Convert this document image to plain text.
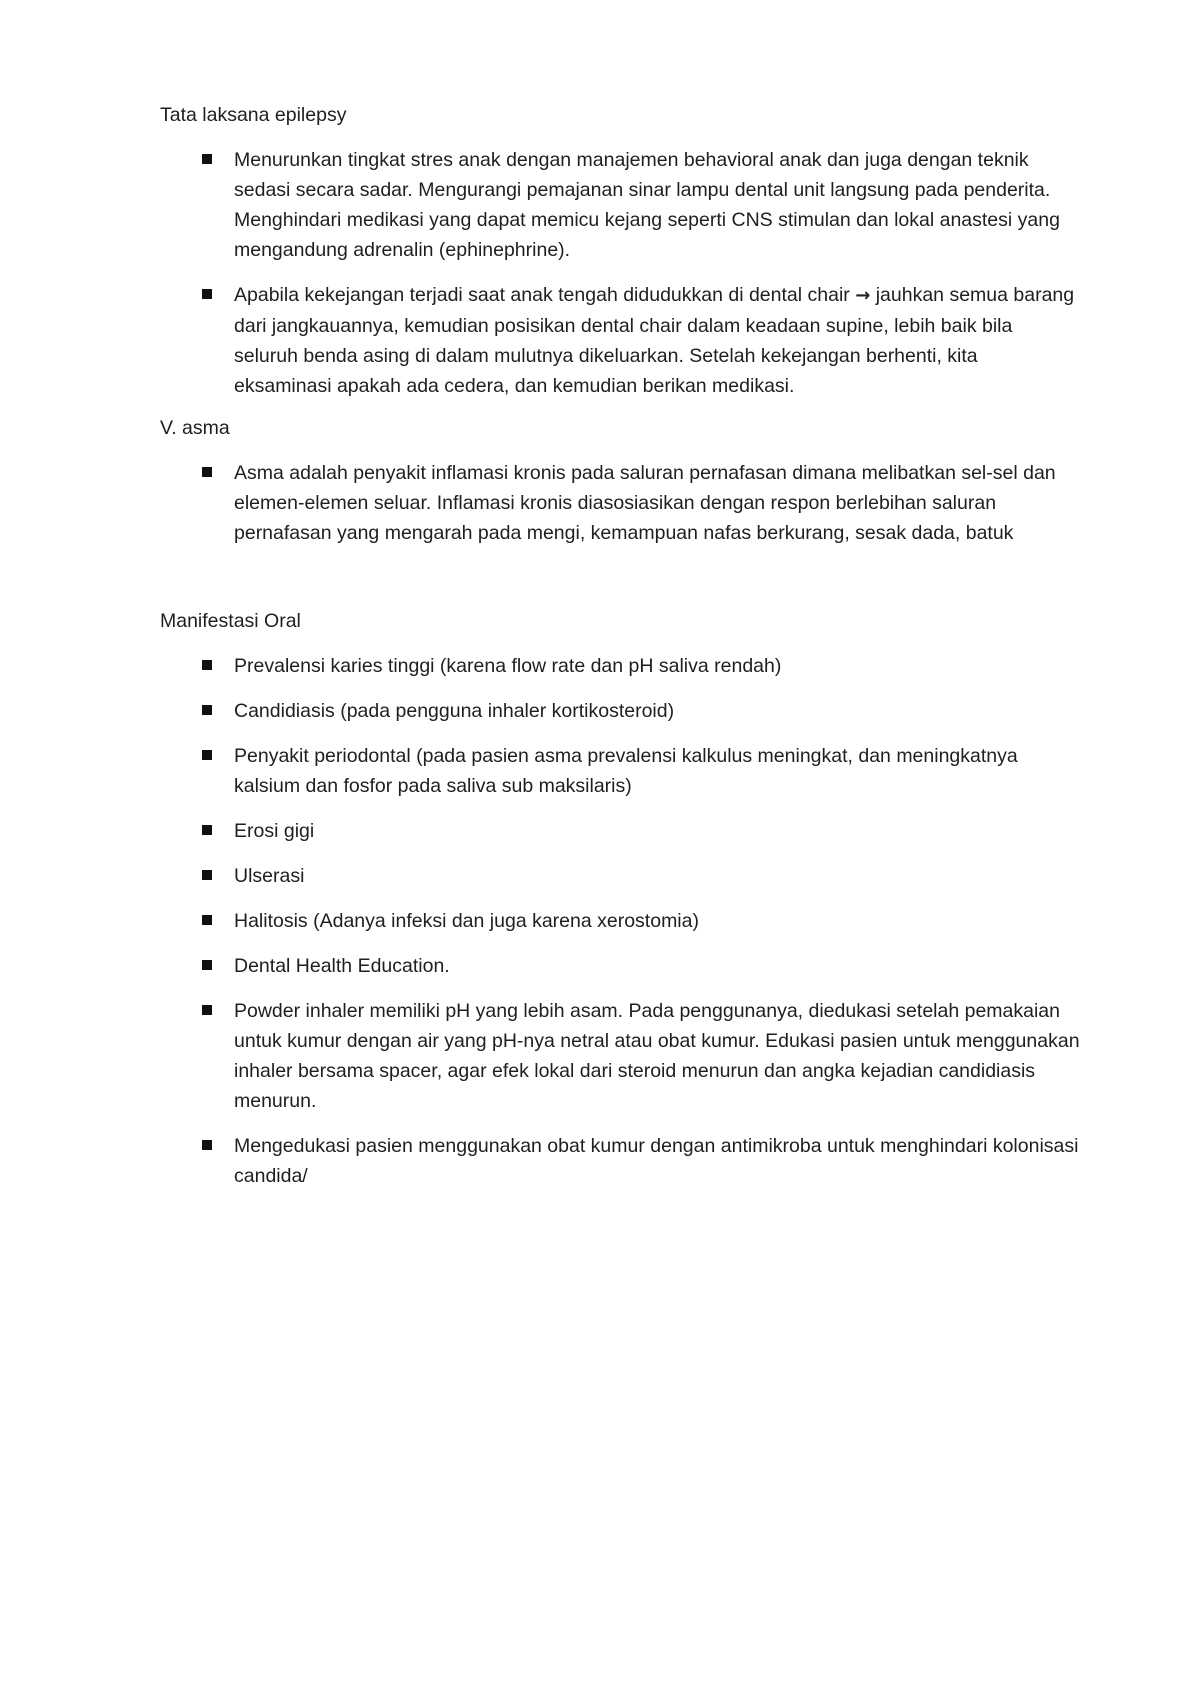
Tata laksana epilepsy

Menurunkan tingkat stres anak dengan manajemen behavioral anak dan juga dengan teknik sedasi secara sadar. Mengurangi pemajanan sinar lampu dental unit langsung pada penderita. Menghindari medikasi yang dapat memicu kejang seperti CNS stimulan dan lokal anastesi yang mengandung adrenalin (ephinephrine).
Apabila kekejangan terjadi saat anak tengah didudukkan di dental chair → jauhkan semua barang dari jangkauannya, kemudian posisikan dental chair dalam keadaan supine, lebih baik bila seluruh benda asing di dalam mulutnya dikeluarkan. Setelah kekejangan berhenti, kita eksaminasi apakah ada cedera, dan kemudian berikan medikasi.

V. asma

Asma adalah penyakit inflamasi kronis pada saluran pernafasan dimana melibatkan sel-sel dan elemen-elemen seluar. Inflamasi kronis diasosiasikan dengan respon berlebihan saluran pernafasan yang mengarah pada mengi, kemampuan nafas berkurang, sesak dada, batuk

Manifestasi Oral

Prevalensi karies tinggi (karena flow rate dan pH saliva rendah)
Candidiasis (pada pengguna inhaler kortikosteroid)
Penyakit periodontal (pada pasien asma prevalensi kalkulus meningkat, dan meningkatnya kalsium dan fosfor pada saliva sub maksilaris)
Erosi gigi
Ulserasi
Halitosis (Adanya infeksi dan juga karena xerostomia)
Dental Health Education.
Powder inhaler memiliki pH yang lebih asam. Pada penggunanya, diedukasi setelah pemakaian untuk kumur dengan air yang pH-nya netral atau obat kumur. Edukasi pasien untuk menggunakan inhaler bersama spacer, agar efek lokal dari steroid menurun dan angka kejadian candidiasis menurun.
Mengedukasi pasien menggunakan obat kumur dengan antimikroba untuk menghindari kolonisasi candida/
